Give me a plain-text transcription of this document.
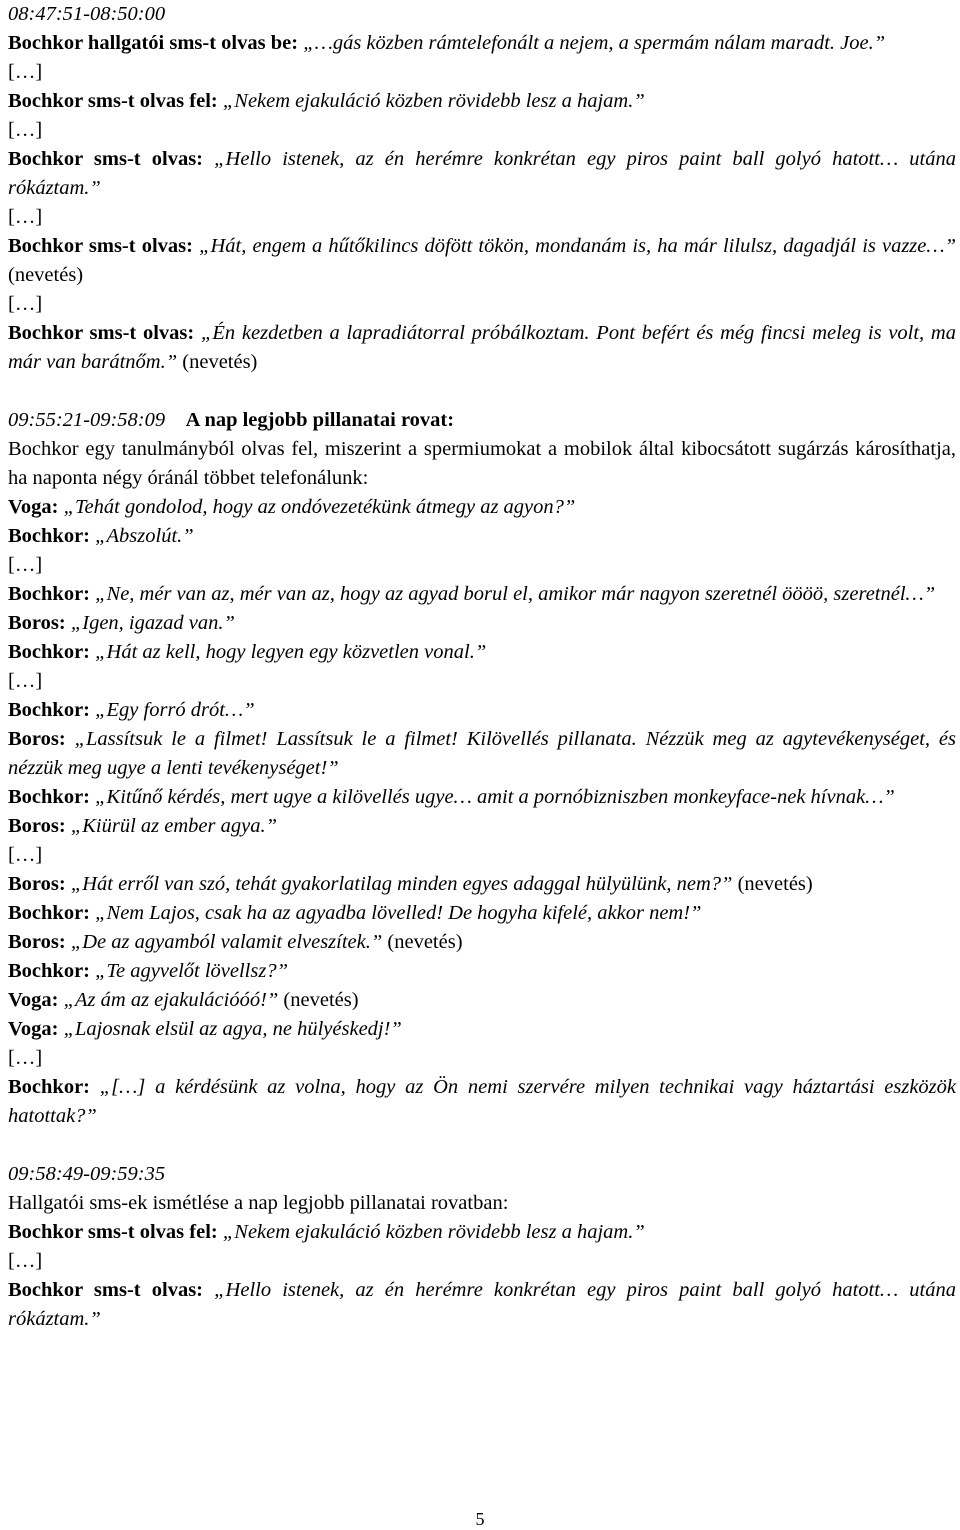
08:47:51-08:50:00
Bochkor hallgatói sms-t olvas be: „…gás közben rámtelefonált a nejem, a spermám nálam maradt. Joe.”
[…]
Bochkor sms-t olvas fel: „Nekem ejakuláció közben rövidebb lesz a hajam.”
[…]
Bochkor sms-t olvas: „Hello istenek, az én herémre konkrétan egy piros paint ball golyó hatott… utána rókáztam.”
[…]
Bochkor sms-t olvas: „Hát, engem a hűtőkilincs döfött tökön, mondanám is, ha már lilulsz, dagadjál is vazze…” (nevetés)
[…]
Bochkor sms-t olvas: „Én kezdetben a lapradiátorral próbálkoztam. Pont befért és még fincsi meleg is volt, ma már van barátnőm.” (nevetés)
09:55:21-09:58:09 A nap legjobb pillanatai rovat:
Bochkor egy tanulmányból olvas fel, miszerint a spermiumokat a mobilok által kibocsátott sugárzás károsíthatja, ha naponta négy óránál többet telefonálunk:
Voga: „Tehát gondolod, hogy az ondóvezetékünk átmegy az agyon?”
Bochkor: „Abszolút.”
[…]
Bochkor: „Ne, mér van az, mér van az, hogy az agyad borul el, amikor már nagyon szeretnél öööö, szeretnél…”
Boros: „Igen, igazad van.”
Bochkor: „Hát az kell, hogy legyen egy közvetlen vonal.”
[…]
Bochkor: „Egy forró drót…”
Boros: „Lassítsuk le a filmet! Lassítsuk le a filmet! Kilövellés pillanata. Nézzük meg az agytevékenységet, és nézzük meg ugye a lenti tevékenységet!”
Bochkor: „Kitűnő kérdés, mert ugye a kilövellés ugye… amit a pornóbizniszben monkeyface-nek hívnak…”
Boros: „Kiürül az ember agya.”
[…]
Boros: „Hát erről van szó, tehát gyakorlatilag minden egyes adaggal hülyülünk, nem?” (nevetés)
Bochkor: „Nem Lajos, csak ha az agyadba lövelled! De hogyha kifelé, akkor nem!”
Boros: „De az agyamból valamit elveszítek.” (nevetés)
Bochkor: „Te agyvelőt lövellsz?”
Voga: „Az ám az ejakulációóó!” (nevetés)
Voga: „Lajosnak elsül az agya, ne hülyéskedj!”
[…]
Bochkor: „[…] a kérdésünk az volna, hogy az Ön nemi szervére milyen technikai vagy háztartási eszközök hatottak?”
09:58:49-09:59:35
Hallgatói sms-ek ismétlése a nap legjobb pillanatai rovatban:
Bochkor sms-t olvas fel: „Nekem ejakuláció közben rövidebb lesz a hajam.”
[…]
Bochkor sms-t olvas: „Hello istenek, az én herémre konkrétan egy piros paint ball golyó hatott… utána rókáztam.”
5
